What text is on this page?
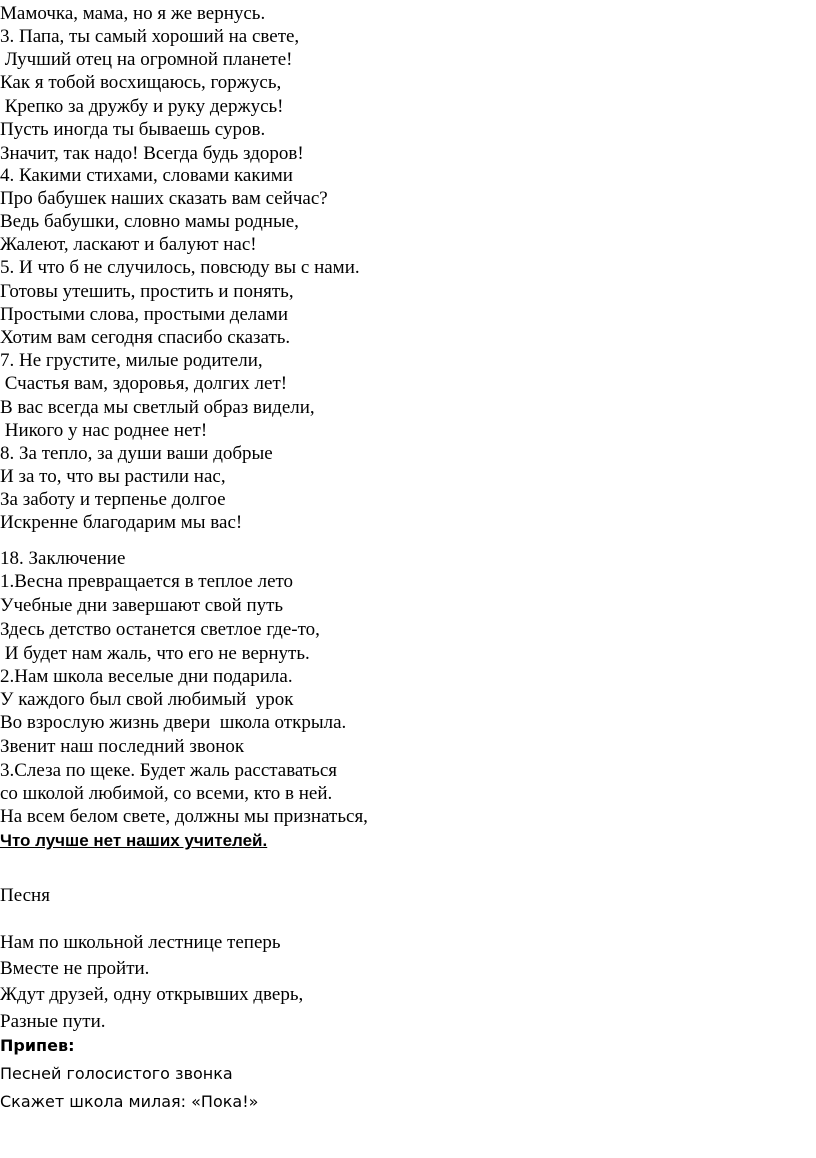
Мамочка, мама, но я же вернусь.
3. Папа, ты самый хороший на свете,
Лучший отец на огромной планете!
Как я тобой восхищаюсь, горжусь,
Крепко за дружбу и руку держусь!
Пусть иногда ты бываешь суров.
Значит, так надо! Всегда будь здоров!
4. Какими стихами, словами какими
Про бабушек наших сказать вам сейчас?
Ведь бабушки, словно мамы родные,
Жалеют, ласкают и балуют нас!
5. И что б не случилось, повсюду вы с нами.
Готовы утешить, простить и понять,
Простыми слова, простыми делами
Хотим вам сегодня спасибо сказать.
7. Не грустите, милые родители,
Счастья вам, здоровья, долгих лет!
В вас всегда мы светлый образ видели,
Никого у нас роднее нет!
8. За тепло, за души ваши добрые
И за то, что вы растили нас,
За заботу и терпенье долгое
Искренне благодарим мы вас!
18. Заключение
1.Весна превращается в теплое лето
Учебные дни завершают свой путь
Здесь детство останется светлое где-то,
И будет нам жаль, что его не вернуть.
2.Нам школа веселые дни подарила.
У каждого был свой любимый  урок
Во взрослую жизнь двери  школа открыла.
Звенит наш последний звонок
3.Слеза по щеке. Будет жаль расставаться
со школой любимой, со всеми, кто в ней.
На всем белом свете, должны мы признаться,
Что лучше нет наших учителей.
Песня
Нам по школьной лестнице теперь
Вместе не пройти.
Ждут друзей, одну открывших дверь,
Разные пути.
Припев:
Песней голосистого звонка
Скажет школа милая: «Пока!»
